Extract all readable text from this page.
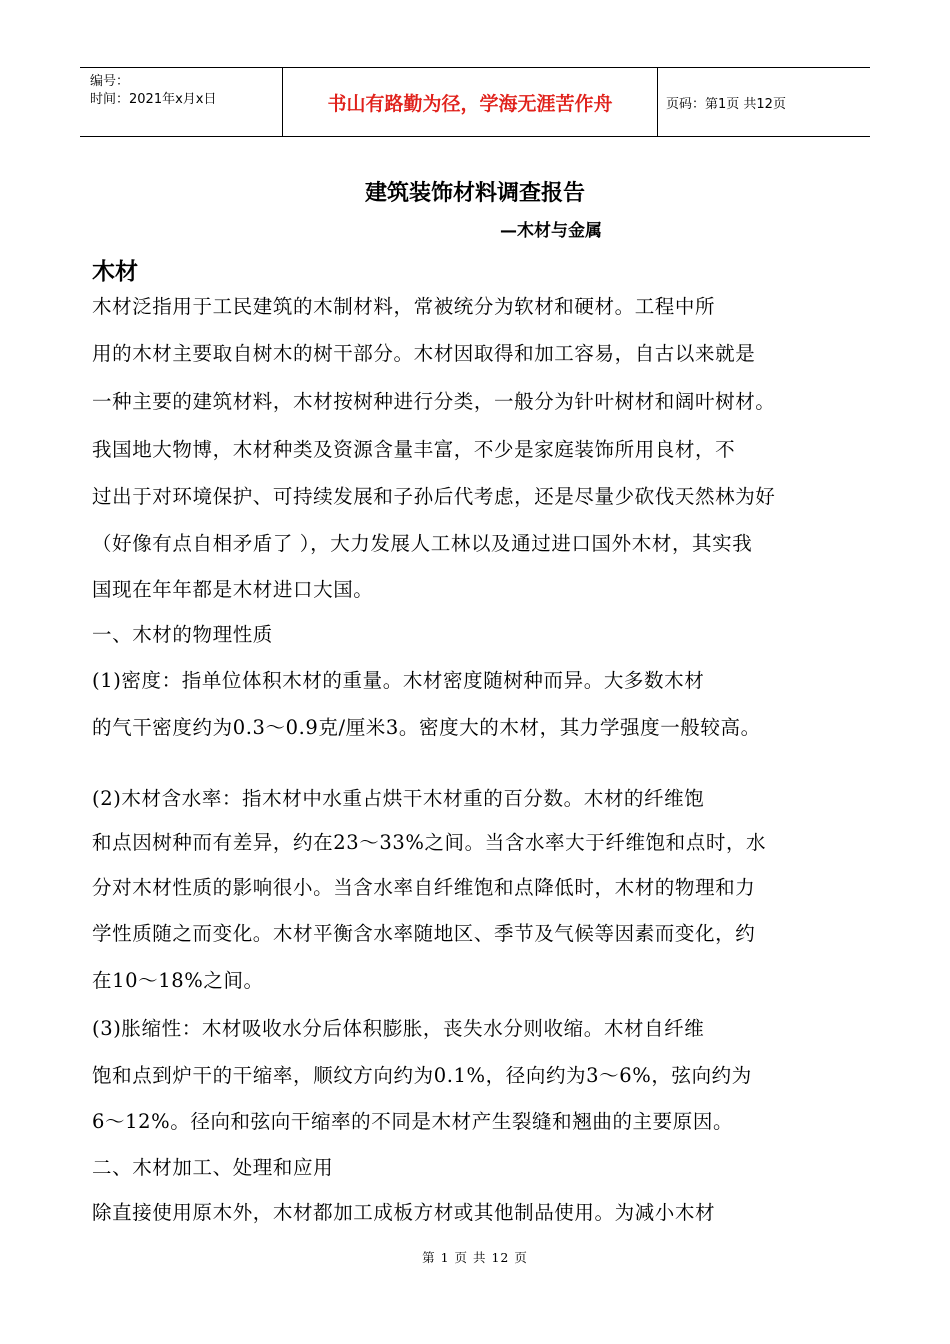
编号：
时间：2021年x月x日	书山有路勤为径，学海无涯苦作舟	页码：第1页 共12页
建筑装饰材料调查报告
—木材与金属
木材
木材泛指用于工民建筑的木制材料，常被统分为软材和硬材。工程中所
用的木材主要取自树木的树干部分。木材因取得和加工容易，自古以来就是
一种主要的建筑材料，木材按树种进行分类，一般分为针叶树材和阔叶树材。
我国地大物博，木材种类及资源含量丰富，不少是家庭装饰所用良材，不
过出于对环境保护、可持续发展和子孙后代考虑，还是尽量少砍伐天然林为好
（好像有点自相矛盾了 ），大力发展人工林以及通过进口国外木材，其实我
国现在年年都是木材进口大国。
一、木材的物理性质
(1)密度：指单位体积木材的重量。木材密度随树种而异。大多数木材
的气干密度约为0.3～0.9克/厘米3。密度大的木材，其力学强度一般较高。
(2)木材含水率：指木材中水重占烘干木材重的百分数。木材的纤维饱
和点因树种而有差异，约在23～33%之间。当含水率大于纤维饱和点时，水
分对木材性质的影响很小。当含水率自纤维饱和点降低时，木材的物理和力
学性质随之而变化。木材平衡含水率随地区、季节及气候等因素而变化，约
在10～18%之间。
(3)胀缩性：木材吸收水分后体积膨胀，丧失水分则收缩。木材自纤维
饱和点到炉干的干缩率，顺纹方向约为0.1%，径向约为3～6%，弦向约为
6～12%。径向和弦向干缩率的不同是木材产生裂缝和翘曲的主要原因。
二、木材加工、处理和应用
除直接使用原木外，木材都加工成板方材或其他制品使用。为减小木材
第 1 页 共 12 页
